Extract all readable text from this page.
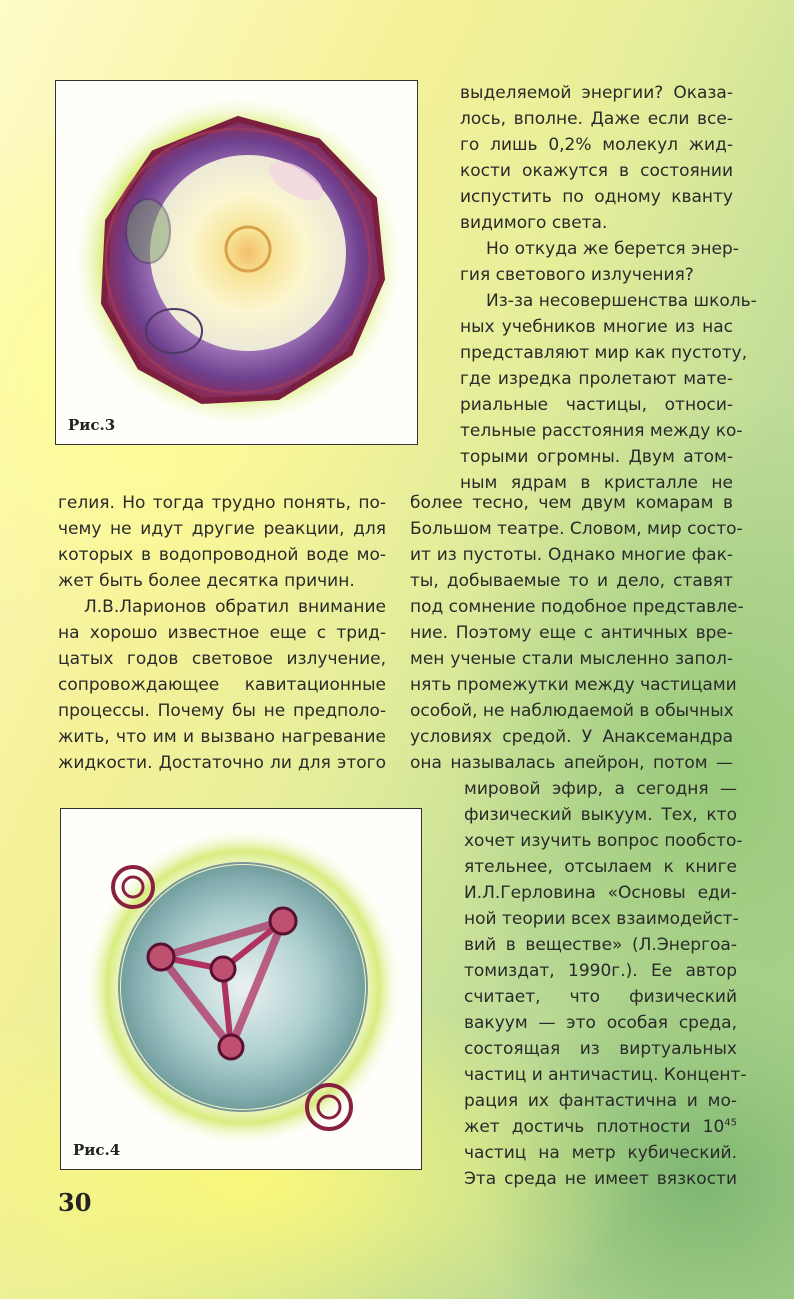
Рис.3
Рис.4
выделяемой энергии? Оказа-
лось, вполне. Даже если все-
го лишь 0,2% молекул жид-
кости окажутся в состоянии
испустить по одному кванту
видимого света.
Но откуда же берется энер-
гия светового излучения?
Из-за несовершенства школь-
ных учебников многие из нас
представляют мир как пустоту,
где изредка пролетают мате-
риальные частицы, относи-
тельные расстояния между ко-
торыми огромны. Двум атом-
ным ядрам в кристалле не
гелия. Но тогда трудно понять, по-
чему не идут другие реакции, для
которых в водопроводной воде мо-
жет быть более десятка причин.
Л.В.Ларионов обратил внимание
на хорошо известное еще с трид-
цатых годов световое излучение,
сопровождающее кавитационные
процессы. Почему бы не предполо-
жить, что им и вызвано нагревание
жидкости. Достаточно ли для этого
более тесно, чем двум комарам в
Большом театре. Словом, мир состо-
ит из пустоты. Однако многие фак-
ты, добываемые то и дело, ставят
под сомнение подобное представле-
ние. Поэтому еще с античных вре-
мен ученые стали мысленно запол-
нять промежутки между частицами
особой, не наблюдаемой в обычных
условиях средой. У Анаксемандра
она называлась апейрон, потом —
мировой эфир, а сегодня —
физический выкуум. Тех, кто
хочет изучить вопрос пообсто-
ятельнее, отсылаем к книге
И.Л.Герловина «Основы еди-
ной теории всех взаимодейст-
вий в веществе» (Л.Энергоа-
томиздат, 1990г.). Ее автор
считает, что физический
вакуум — это особая среда,
состоящая из виртуальных
частиц и античастиц. Концент-
рация их фантастична и мо-
жет достичь плотности $10^{45}$
частиц на метр кубический.
Эта среда не имеет вязкости
30
